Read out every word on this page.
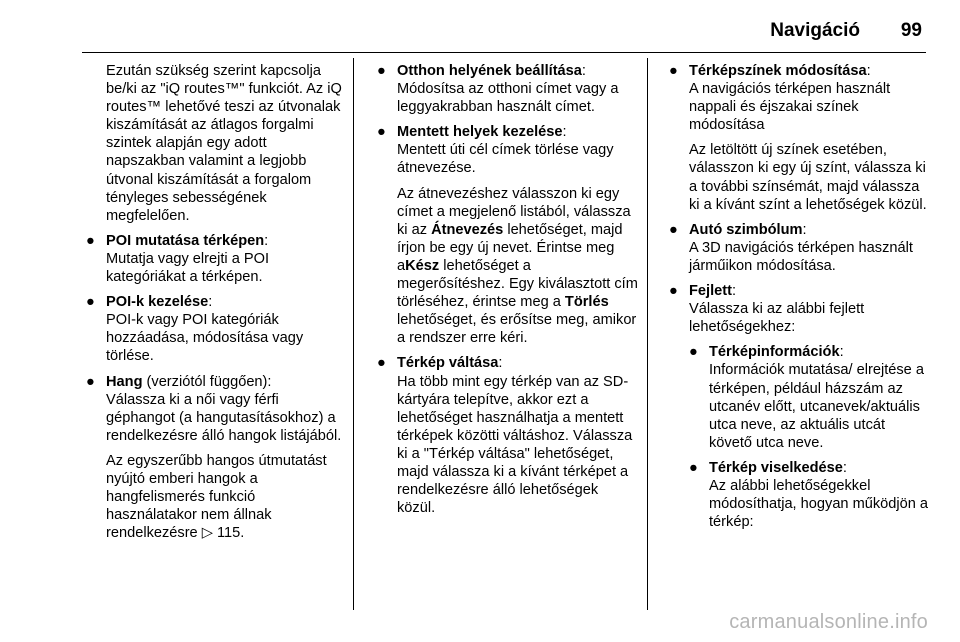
Navigáció 99

Ezután szükség szerint kapcsolja be/ki az "iQ routes™" funkciót. Az iQ routes™ lehetővé teszi az útvonalak kiszámítását az átlagos forgalmi szintek alapján egy adott napszakban valamint a legjobb útvonal kiszámítását a forgalom tényleges sebességének megfelelően.

● POI mutatása térképen:
Mutatja vagy elrejti a POI kategóriákat a térképen.
● POI-k kezelése:
POI-k vagy POI kategóriák hozzáadása, módosítása vagy törlése.
● Hang (verziótól függően):
Válassza ki a női vagy férfi géphangot (a hangutasításokhoz) a rendelkezésre álló hangok listájából.
Az egyszerűbb hangos útmutatást nyújtó emberi hangok a hangfelismerés funkció használatakor nem állnak rendelkezésre ▷ 115.
● Otthon helyének beállítása:
Módosítsa az otthoni címet vagy a leggyakrabban használt címet.
● Mentett helyek kezelése:
Mentett úti cél címek törlése vagy átnevezése.
Az átnevezéshez válasszon ki egy címet a megjelenő listából, válassza ki az Átnevezés lehetőséget, majd írjon be egy új nevet. Érintse meg aKész lehetőséget a megerősítéshez. Egy kiválasztott cím törléséhez, érintse meg a Törlés lehetőséget, és erősítse meg, amikor a rendszer erre kéri.
● Térkép váltása:
Ha több mint egy térkép van az SD-kártyára telepítve, akkor ezt a lehetőséget használhatja a mentett térképek közötti váltáshoz. Válassza ki a "Térkép váltása" lehetőséget, majd válassza ki a kívánt térképet a rendelkezésre álló lehetőségek közül.
● Térképszínek módosítása:
A navigációs térképen használt nappali és éjszakai színek módosítása
Az letöltött új színek esetében, válasszon ki egy új színt, válassza ki a további színsémát, majd válassza ki a kívánt színt a lehetőségek közül.
● Autó szimbólum:
A 3D navigációs térképen használt járműikon módosítása.
● Fejlett:
Válassza ki az alábbi fejlett lehetőségekhez:
● Térképinformációk:
Információk mutatása/ elrejtése a térképen, például házszám az utcanév előtt, utcanevek/aktuális utca neve, az aktuális utcát követő utca neve.
● Térkép viselkedése:
Az alábbi lehetőségekkel módosíthatja, hogyan működjön a térkép:
carmanualsonline.info
